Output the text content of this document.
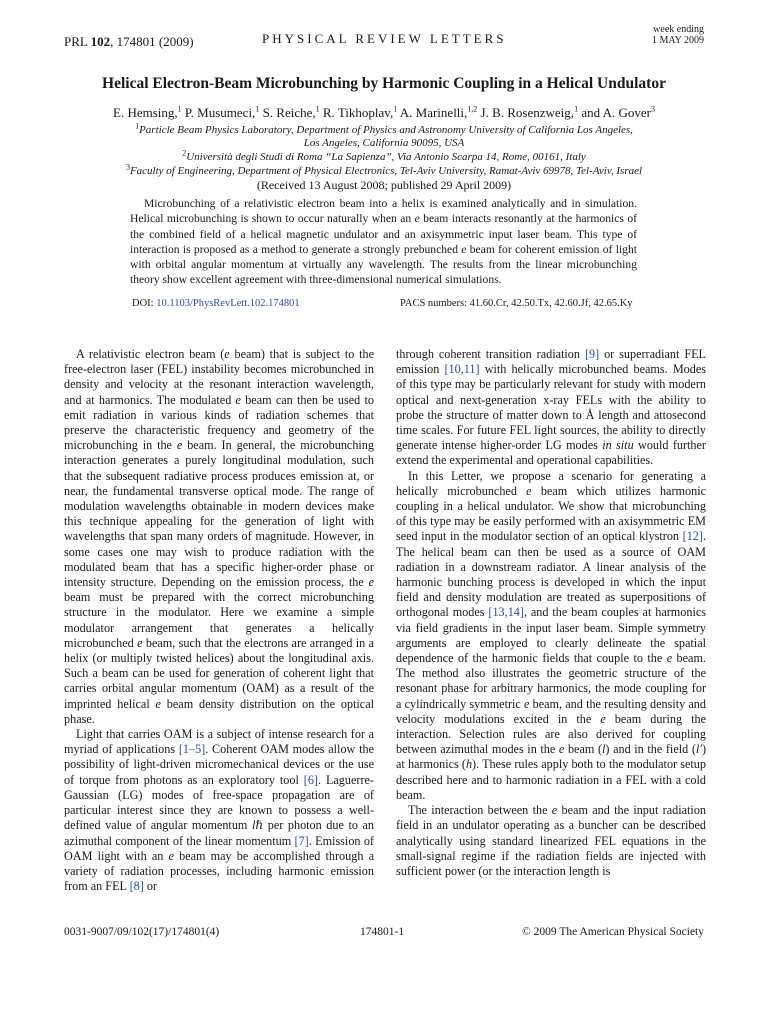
PRL 102, 174801 (2009)	PHYSICAL REVIEW LETTERS
week ending
1 MAY 2009
Helical Electron-Beam Microbunching by Harmonic Coupling in a Helical Undulator
E. Hemsing,$^1$ P. Musumeci,$^1$ S. Reiche,$^1$ R. Tikhoplav,$^1$ A. Marinelli,$^{1,2}$ J. B. Rosenzweig,$^1$ and A. Gover$^3$
$^1$Particle Beam Physics Laboratory, Department of Physics and Astronomy University of California Los Angeles,
Los Angeles, California 90095, USA
$^2$Università degli Studi di Roma “La Sapienza”, Via Antonio Scarpa 14, Rome, 00161, Italy
$^3$Faculty of Engineering, Department of Physical Electronics, Tel-Aviv University, Ramat-Aviv 69978, Tel-Aviv, Israel
(Received 13 August 2008; published 29 April 2009)
Microbunching of a relativistic electron beam into a helix is examined analytically and in simulation. Helical microbunching is shown to occur naturally when an e beam interacts resonantly at the harmonics of the combined field of a helical magnetic undulator and an axisymmetric input laser beam. This type of interaction is proposed as a method to generate a strongly prebunched e beam for coherent emission of light with orbital angular momentum at virtually any wavelength. The results from the linear microbunching theory show excellent agreement with three-dimensional numerical simulations.
DOI: 10.1103/PhysRevLett.102.174801	PACS numbers: 41.60.Cr, 42.50.Tx, 42.60.Jf, 42.65.Ky

A relativistic electron beam (e beam) that is subject to the free-electron laser (FEL) instability becomes microbunched in density and velocity at the resonant interaction wavelength, and at harmonics. The modulated e beam can then be used to emit radiation in various kinds of radiation schemes that preserve the characteristic frequency and geometry of the microbunching in the e beam. In general, the microbunching interaction generates a purely longitudinal modulation, such that the subsequent radiative process produces emission at, or near, the fundamental transverse optical mode. The range of modulation wavelengths obtainable in modern devices make this technique appealing for the generation of light with wavelengths that span many orders of magnitude. However, in some cases one may wish to produce radiation with the modulated beam that has a specific higher-order phase or intensity structure. Depending on the emission process, the e beam must be prepared with the correct microbunching structure in the modulator. Here we examine a simple modulator arrangement that generates a helically microbunched e beam, such that the electrons are arranged in a helix (or multiply twisted helices) about the longitudinal axis. Such a beam can be used for generation of coherent light that carries orbital angular momentum (OAM) as a result of the imprinted helical e beam density distribution on the optical phase.

Light that carries OAM is a subject of intense research for a myriad of applications [1–5]. Coherent OAM modes allow the possibility of light-driven micromechanical devices or the use of torque from photons as an exploratory tool [6]. Laguerre-Gaussian (LG) modes of free-space propagation are of particular interest since they are known to possess a well-defined value of angular momentum lℏ per photon due to an azimuthal component of the linear momentum [7]. Emission of OAM light with an e beam may be accomplished through a variety of radiation processes, including harmonic emission from an FEL [8] or

through coherent transition radiation [9] or superradiant FEL emission [10,11] with helically microbunched beams. Modes of this type may be particularly relevant for study with modern optical and next-generation x-ray FELs with the ability to probe the structure of matter down to Å length and attosecond time scales. For future FEL light sources, the ability to directly generate intense higher-order LG modes in situ would further extend the experimental and operational capabilities.

In this Letter, we propose a scenario for generating a helically microbunched e beam which utilizes harmonic coupling in a helical undulator. We show that microbunching of this type may be easily performed with an axisymmetric EM seed input in the modulator section of an optical klystron [12]. The helical beam can then be used as a source of OAM radiation in a downstream radiator. A linear analysis of the harmonic bunching process is developed in which the input field and density modulation are treated as superpositions of orthogonal modes [13,14], and the beam couples at harmonics via field gradients in the input laser beam. Simple symmetry arguments are employed to clearly delineate the spatial dependence of the harmonic fields that couple to the e beam. The method also illustrates the geometric structure of the resonant phase for arbitrary harmonics, the mode coupling for a cylindrically symmetric e beam, and the resulting density and velocity modulations excited in the e beam during the interaction. Selection rules are also derived for coupling between azimuthal modes in the e beam (l) and in the field (l′) at harmonics (h). These rules apply both to the modulator setup described here and to harmonic radiation in a FEL with a cold beam.

The interaction between the e beam and the input radiation field in an undulator operating as a buncher can be described analytically using standard linearized FEL equations in the small-signal regime if the radiation fields are injected with sufficient power (or the interaction length is

0031-9007/09/102(17)/174801(4)	174801-1	© 2009 The American Physical Society
